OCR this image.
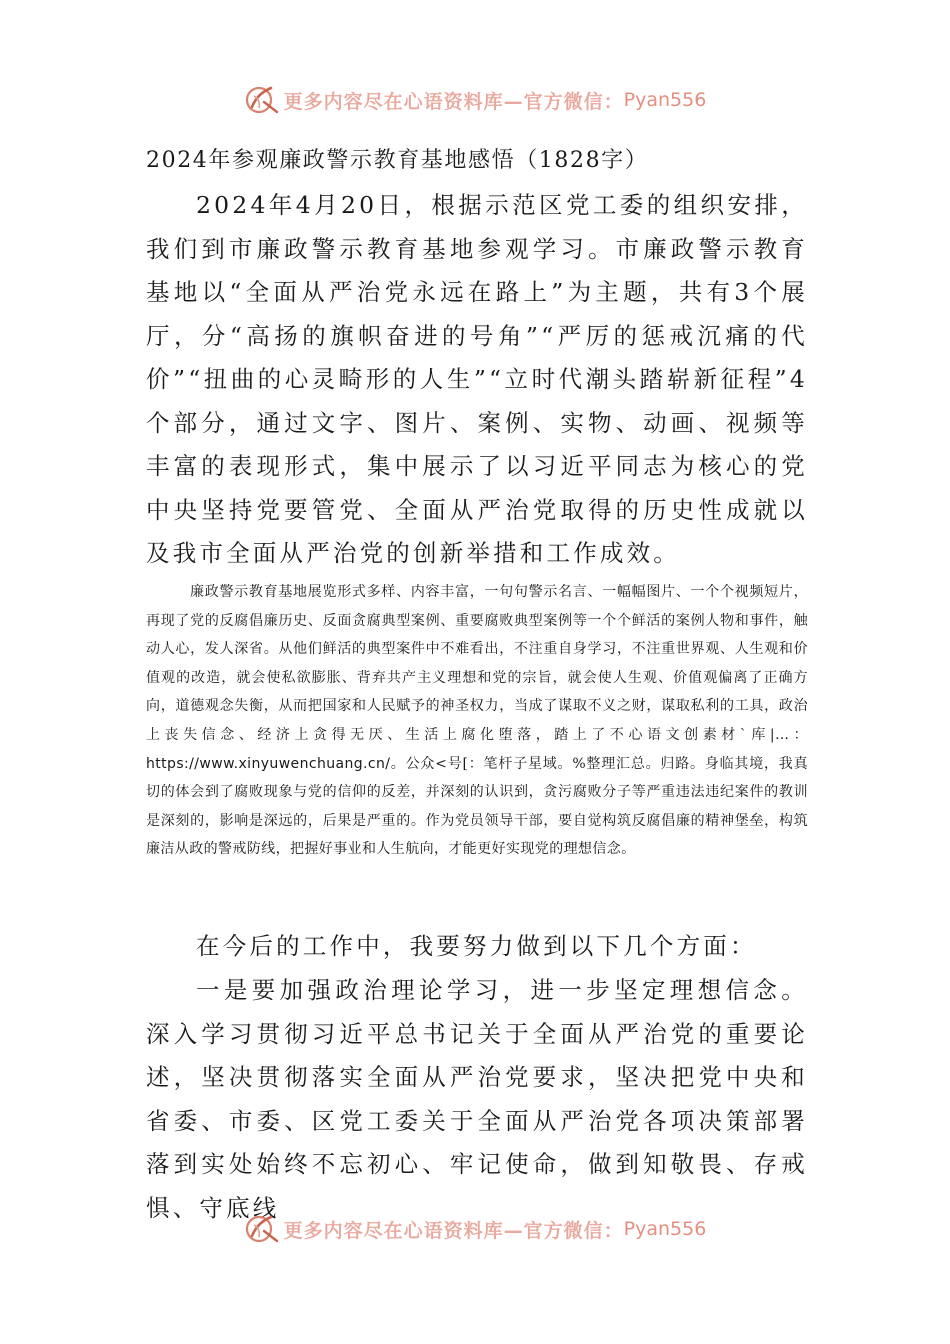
更多内容尽在心语资料库—官方微信： Pyan556

2024年参观廉政警示教育基地感悟（1828字）

2024年4月20日，根据示范区党工委的组织安排，我们到市廉政警示教育基地参观学习。市廉政警示教育基地以“全面从严治党永远在路上”为主题，共有3个展厅，分“高扬的旗帜奋进的号角”“严厉的惩戒沉痛的代价”“扭曲的心灵畸形的人生”“立时代潮头踏崭新征程”4个部分，通过文字、图片、案例、实物、动画、视频等丰富的表现形式，集中展示了以习近平同志为核心的党中央坚持党要管党、全面从严治党取得的历史性成就以及我市全面从严治党的创新举措和工作成效。

廉政警示教育基地展览形式多样、内容丰富，一句句警示名言、一幅幅图片、一个个视频短片，再现了党的反腐倡廉历史、反面贪腐典型案例、重要腐败典型案例等一个个鲜活的案例人物和事件，触动人心，发人深省。从他们鲜活的典型案件中不难看出，不注重自身学习，不注重世界观、人生观和价值观的改造，就会使私欲膨胀、背弃共产主义理想和党的宗旨，就会使人生观、价值观偏离了正确方向，道德观念失衡，从而把国家和人民赋予的神圣权力，当成了谋取不义之财，谋取私利的工具，政治上丧失信念、经济上贪得无厌、生活上腐化堕落，踏上了不心语文创素材`库|…：https://www.xinyuwenchuang.cn/。公众<号[：笔杆子星域。%整理汇总。归路。身临其境，我真切的体会到了腐败现象与党的信仰的反差，并深刻的认识到，贪污腐败分子等严重违法违纪案件的教训是深刻的，影响是深远的，后果是严重的。作为党员领导干部，要自觉构筑反腐倡廉的精神堡垒，构筑廉洁从政的警戒防线，把握好事业和人生航向，才能更好实现党的理想信念。

在今后的工作中，我要努力做到以下几个方面：

一是要加强政治理论学习，进一步坚定理想信念。深入学习贯彻习近平总书记关于全面从严治党的重要论述，坚决贯彻落实全面从严治党要求，坚决把党中央和省委、市委、区党工委关于全面从严治党各项决策部署落到实处始终不忘初心、牢记使命，做到知敬畏、存戒惧、守底线

更多内容尽在心语资料库—官方微信： Pyan556
